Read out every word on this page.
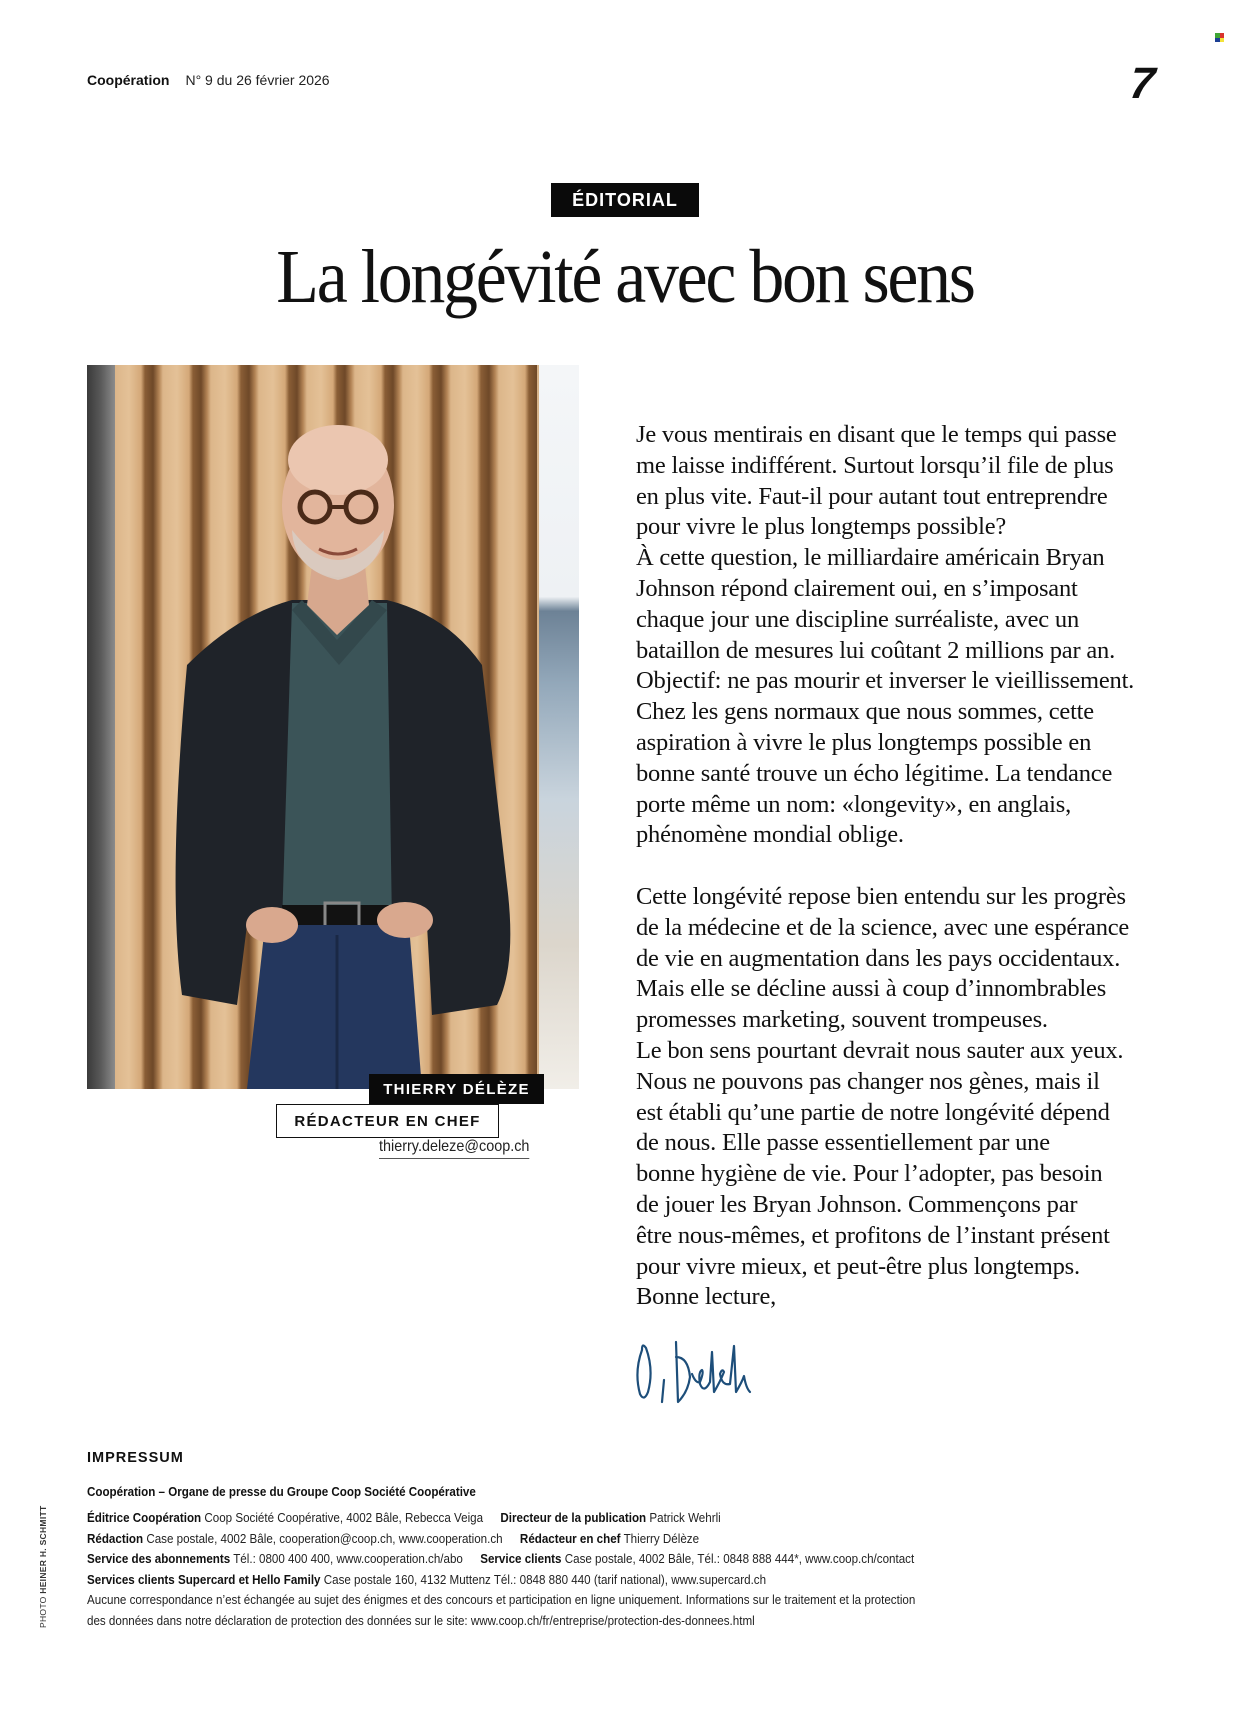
Coopération N° 9 du 26 février 2026	7
ÉDITORIAL
La longévité avec bon sens
THIERRY DÉLÈZE
RÉDACTEUR EN CHEF
thierry.deleze@coop.ch

Je vous mentirais en disant que le temps qui passe
me laisse indifférent. Surtout lorsqu’il file de plus
en plus vite. Faut-il pour autant tout entreprendre
pour vivre le plus longtemps possible?
À cette question, le milliardaire américain Bryan
Johnson répond clairement oui, en s’imposant
chaque jour une discipline surréaliste, avec un
bataillon de mesures lui coûtant 2 millions par an.
Objectif: ne pas mourir et inverser le vieillissement.
Chez les gens normaux que nous sommes, cette
aspiration à vivre le plus longtemps possible en
bonne santé trouve un écho légitime. La tendance
porte même un nom: «longevity», en anglais,
phénomène mondial oblige.

Cette longévité repose bien entendu sur les progrès
de la médecine et de la science, avec une espérance
de vie en augmentation dans les pays occidentaux.
Mais elle se décline aussi à coup d’innombrables
promesses marketing, souvent trompeuses.
Le bon sens pourtant devrait nous sauter aux yeux.
Nous ne pouvons pas changer nos gènes, mais il
est établi qu’une partie de notre longévité dépend
de nous. Elle passe essentiellement par une
bonne hygiène de vie. Pour l’adopter, pas besoin
de jouer les Bryan Johnson. Commençons par
être nous-mêmes, et profitons de l’instant présent
pour vivre mieux, et peut-être plus longtemps.
Bonne lecture,

IMPRESSUM
Coopération – Organe de presse du Groupe Coop Société Coopérative
Éditrice Coopération Coop Société Coopérative, 4002 Bâle, Rebecca Veiga Directeur de la publication Patrick Wehrli
Rédaction Case postale, 4002 Bâle, cooperation@coop.ch, www.cooperation.ch Rédacteur en chef Thierry Délèze
Service des abonnements Tél.: 0800 400 400, www.cooperation.ch/abo Service clients Case postale, 4002 Bâle, Tél.: 0848 888 444*, www.coop.ch/contact
Services clients Supercard et Hello Family Case postale 160, 4132 Muttenz Tél.: 0848 880 440 (tarif national), www.supercard.ch
Aucune correspondance n’est échangée au sujet des énigmes et des concours et participation en ligne uniquement. Informations sur le traitement et la protection
des données dans notre déclaration de protection des données sur le site: www.coop.ch/fr/entreprise/protection-des-donnees.html
PHOTO HEINER H. SCHMITT
